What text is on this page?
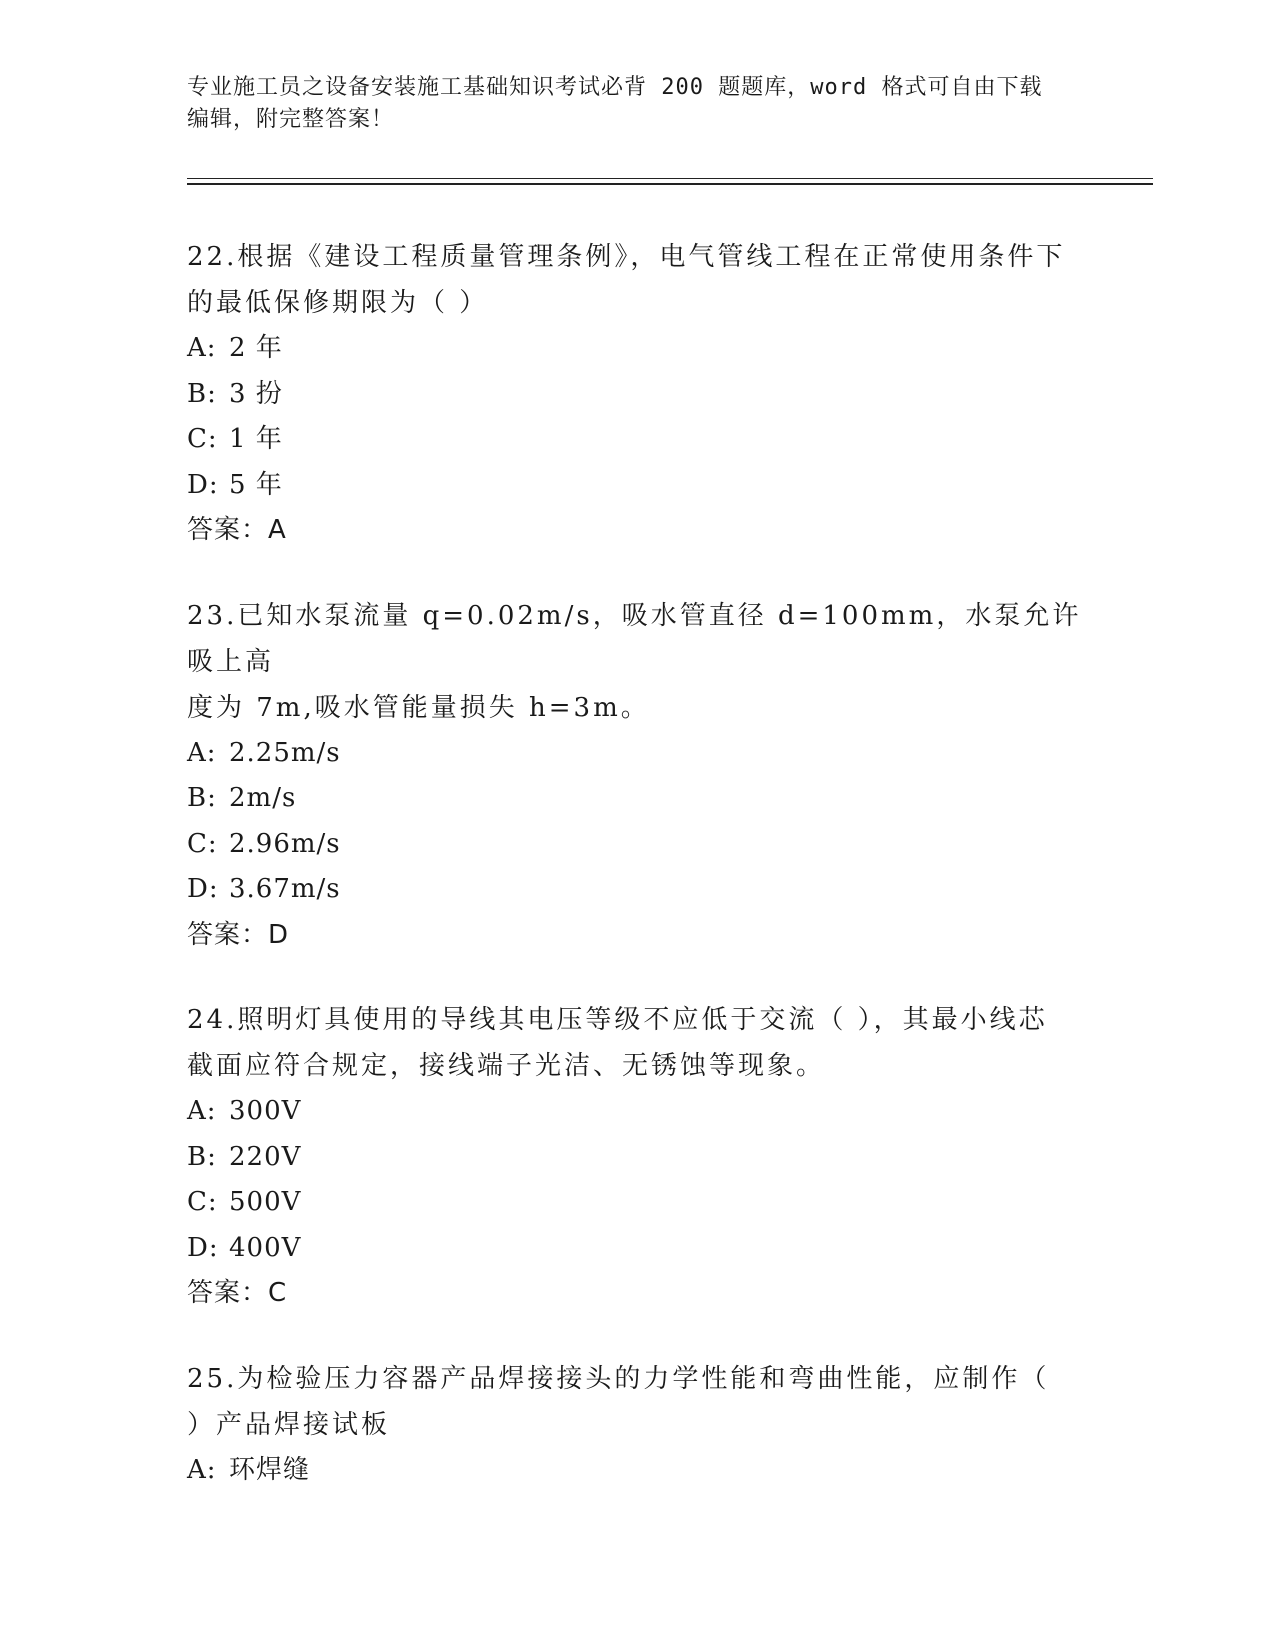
专业施工员之设备安装施工基础知识考试必背 200 题题库，word 格式可自由下载
编辑，附完整答案！

22.根据《建设工程质量管理条例》，电气管线工程在正常使用条件下

的最低保修期限为（ ）

A: 2 年

B: 3 扮

C: 1 年

D: 5 年

答案：A

23.已知水泵流量 q=0.02m/s，吸水管直径 d=100mm，水泵允许吸上高

度为 7m,吸水管能量损失 h=3m。

A: 2.25m/s

B: 2m/s

C: 2.96m/s

D: 3.67m/s

答案：D

24.照明灯具使用的导线其电压等级不应低于交流（ ），其最小线芯

截面应符合规定，接线端子光洁、无锈蚀等现象。

A: 300V

B: 220V

C: 500V

D: 400V

答案：C

25.为检验压力容器产品焊接接头的力学性能和弯曲性能，应制作（

）产品焊接试板

A: 环焊缝
